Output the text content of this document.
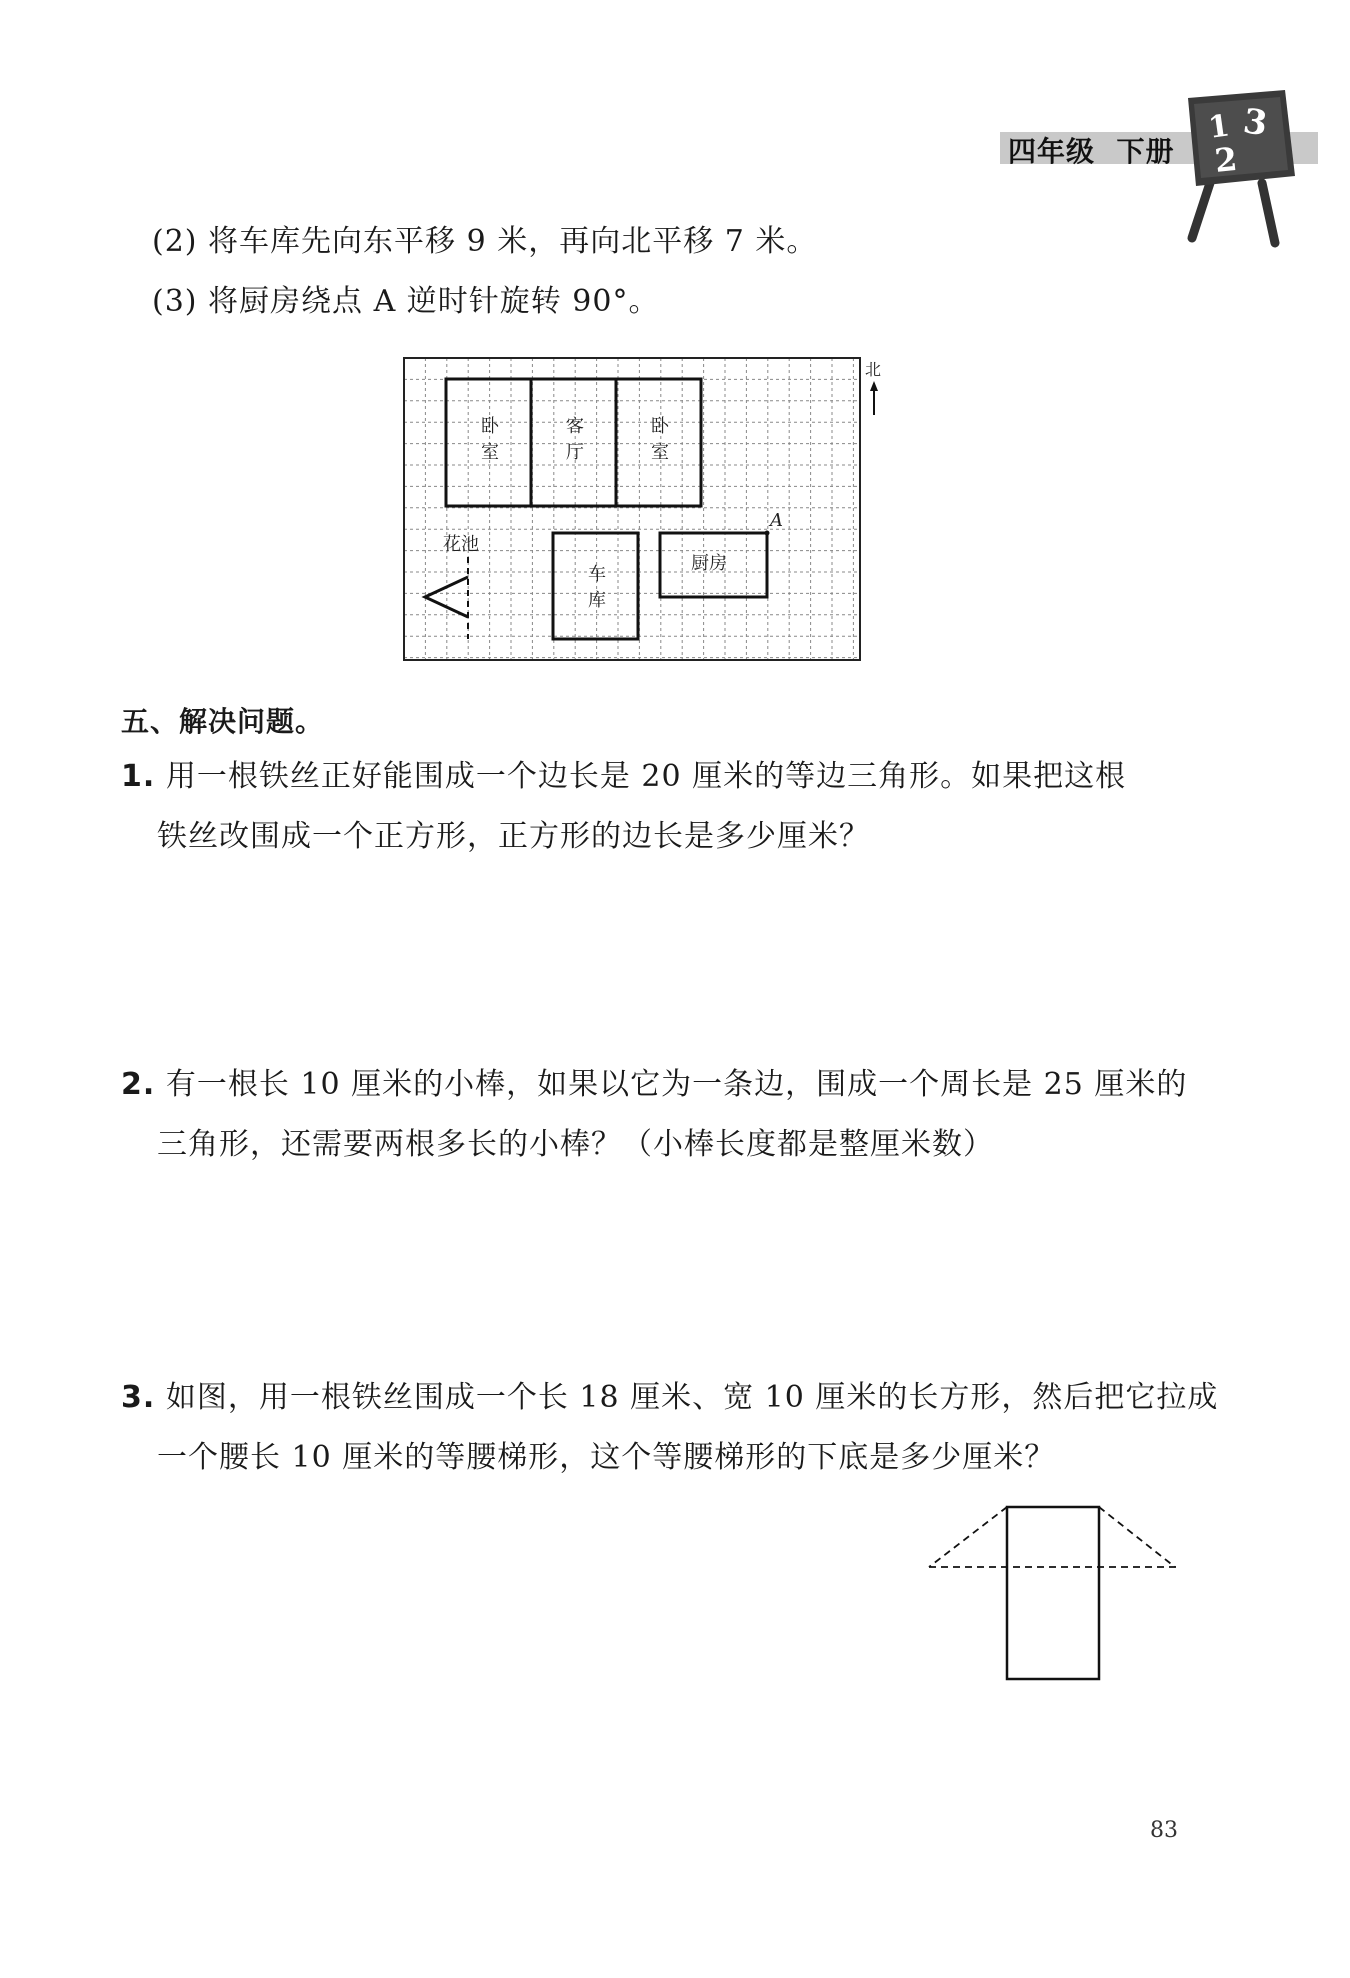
四年级  下册
1 3
2
(2) 将车库先向东平移 9 米，再向北平移 7 米。
(3) 将厨房绕点 A 逆时针旋转 90°。
卧
室
客
厅
卧
室
车
库
厨房
花池
A
北
五、解决问题。
1. 用一根铁丝正好能围成一个边长是 20 厘米的等边三角形。如果把这根
铁丝改围成一个正方形，正方形的边长是多少厘米？
2. 有一根长 10 厘米的小棒，如果以它为一条边，围成一个周长是 25 厘米的
三角形，还需要两根多长的小棒？（小棒长度都是整厘米数）
3. 如图，用一根铁丝围成一个长 18 厘米、宽 10 厘米的长方形，然后把它拉成
一个腰长 10 厘米的等腰梯形，这个等腰梯形的下底是多少厘米？
83
